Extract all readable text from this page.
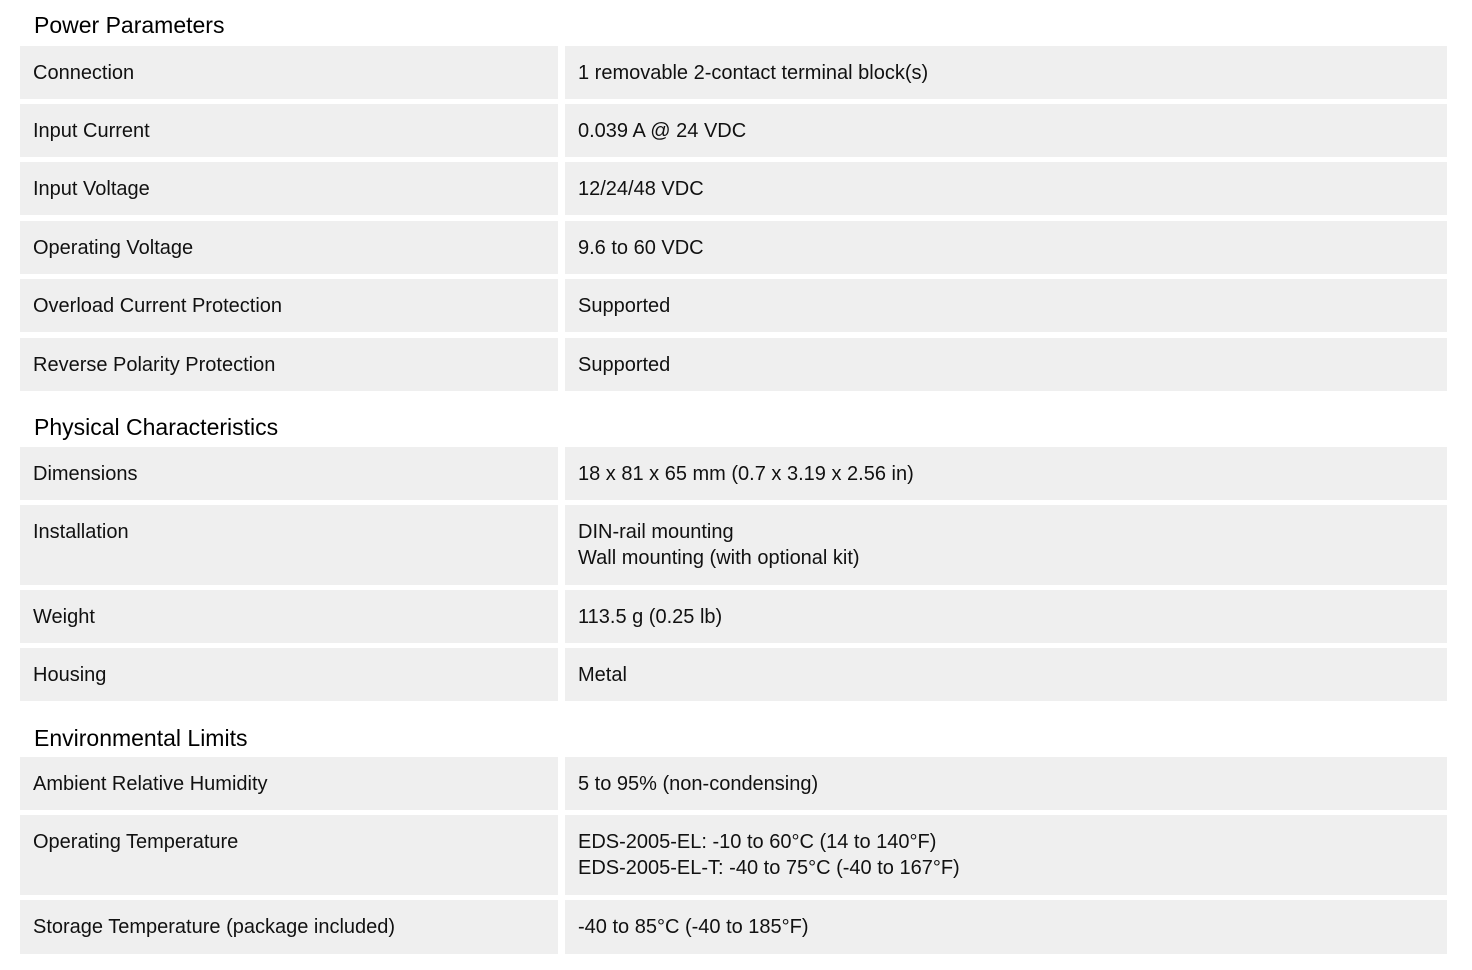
Power Parameters
Connection	1 removable 2-contact terminal block(s)
Input Current	0.039 A @ 24 VDC
Input Voltage	12/24/48 VDC
Operating Voltage	9.6 to 60 VDC
Overload Current Protection	Supported
Reverse Polarity Protection	Supported
Physical Characteristics
Dimensions	18 x 81 x 65 mm (0.7 x 3.19 x 2.56 in)
Installation	DIN-rail mounting
Wall mounting (with optional kit)
Weight	113.5 g (0.25 lb)
Housing	Metal
Environmental Limits
Ambient Relative Humidity	5 to 95% (non-condensing)
Operating Temperature	EDS-2005-EL: -10 to 60°C (14 to 140°F)
EDS-2005-EL-T: -40 to 75°C (-40 to 167°F)
Storage Temperature (package included)	-40 to 85°C (-40 to 185°F)
